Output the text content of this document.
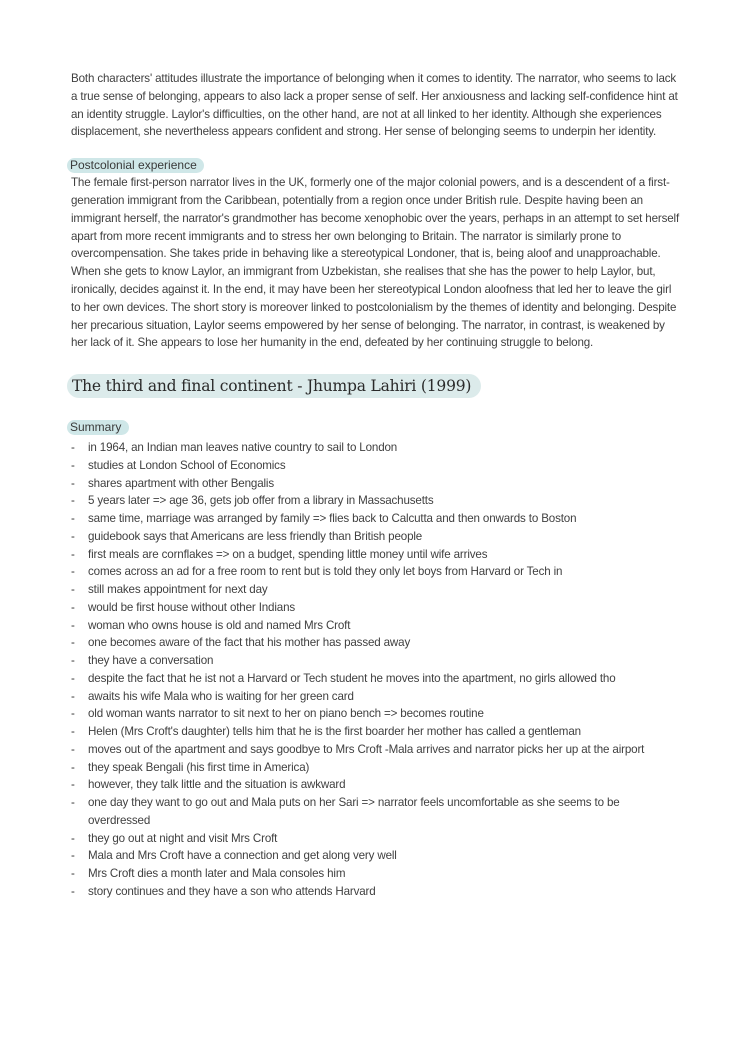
Both characters' attitudes illustrate the importance of belonging when it comes to identity. The narrator, who seems to lack a true sense of belonging, appears to also lack a proper sense of self. Her anxiousness and lacking self-confidence hint at an identity struggle. Laylor's difficulties, on the other hand, are not at all linked to her identity. Although she experiences displacement, she nevertheless appears confident and strong. Her sense of belonging seems to underpin her identity.

Postcolonial experience

The female first-person narrator lives in the UK, formerly one of the major colonial powers, and is a descendent of a first-generation immigrant from the Caribbean, potentially from a region once under British rule. Despite having been an immigrant herself, the narrator's grandmother has become xenophobic over the years, perhaps in an attempt to set herself apart from more recent immigrants and to stress her own belonging to Britain. The narrator is similarly prone to overcompensation. She takes pride in behaving like a stereotypical Londoner, that is, being aloof and unapproachable. When she gets to know Laylor, an immigrant from Uzbekistan, she realises that she has the power to help Laylor, but, ironically, decides against it. In the end, it may have been her stereotypical London aloofness that led her to leave the girl to her own devices. The short story is moreover linked to postcolonialism by the themes of identity and belonging. Despite her precarious situation, Laylor seems empowered by her sense of belonging. The narrator, in contrast, is weakened by her lack of it. She appears to lose her humanity in the end, defeated by her continuing struggle to belong.

The third and final continent - Jhumpa Lahiri (1999)
Summary
- in 1964, an Indian man leaves native country to sail to London
- studies at London School of Economics
- shares apartment with other Bengalis
- 5 years later => age 36, gets job offer from a library in Massachusetts
- same time, marriage was arranged by family => flies back to Calcutta and then onwards to Boston
- guidebook says that Americans are less friendly than British people
- first meals are cornflakes => on a budget, spending little money until wife arrives
- comes across an ad for a free room to rent but is told they only let boys from Harvard or Tech in
- still makes appointment for next day
- would be first house without other Indians
- woman who owns house is old and named Mrs Croft
- one becomes aware of the fact that his mother has passed away
- they have a conversation
- despite the fact that he ist not a Harvard or Tech student he moves into the apartment, no girls allowed tho
- awaits his wife Mala who is waiting for her green card
- old woman wants narrator to sit next to her on piano bench => becomes routine
- Helen (Mrs Croft's daughter) tells him that he is the first boarder her mother has called a gentleman
- moves out of the apartment and says goodbye to Mrs Croft -Mala arrives and narrator picks her up at the airport
- they speak Bengali (his first time in America)
- however, they talk little and the situation is awkward
- one day they want to go out and Mala puts on her Sari => narrator feels uncomfortable as she seems to be overdressed
- they go out at night and visit Mrs Croft
- Mala and Mrs Croft have a connection and get along very well
- Mrs Croft dies a month later and Mala consoles him
- story continues and they have a son who attends Harvard
